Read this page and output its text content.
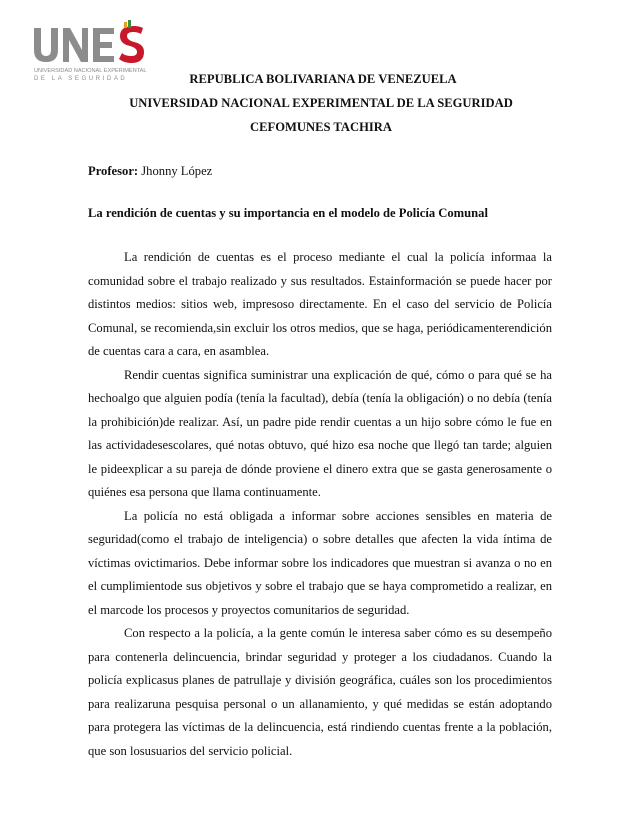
UNIVERSIDAD NACIONAL EXPERIMENTAL
DE LA SEGURIDAD	REPUBLICA BOLIVARIANA DE VENEZUELA
UNIVERSIDAD NACIONAL EXPERIMENTAL DE LA SEGURIDAD
CEFOMUNES TACHIRA
Profesor: Jhonny López
La rendición de cuentas y su importancia en el modelo de Policía Comunal

La rendición de cuentas es el proceso mediante el cual la policía informaa la comunidad sobre el trabajo realizado y sus resultados. Estainformación se puede hacer por distintos medios: sitios web, impresoso directamente. En el caso del servicio de Policía Comunal, se recomienda,sin excluir los otros medios, que se haga, periódicamenterendición de cuentas cara a cara, en asamblea.

Rendir cuentas significa suministrar una explicación de qué, cómo o para qué se ha hechoalgo que alguien podía (tenía la facultad), debía (tenía la obligación) o no debía (tenía la prohibición)de realizar. Así, un padre pide rendir cuentas a un hijo sobre cómo le fue en las actividadesescolares, qué notas obtuvo, qué hizo esa noche que llegó tan tarde; alguien le pideexplicar a su pareja de dónde proviene el dinero extra que se gasta generosamente o quiénes esa persona que llama continuamente.

La policía no está obligada a informar sobre acciones sensibles en materia de seguridad(como el trabajo de inteligencia) o sobre detalles que afecten la vida íntima de víctimas ovictimarios. Debe informar sobre los indicadores que muestran si avanza o no en el cumplimientode sus objetivos y sobre el trabajo que se haya comprometido a realizar, en el marcode los procesos y proyectos comunitarios de seguridad.

Con respecto a la policía, a la gente común le interesa saber cómo es su desempeño para contenerla delincuencia, brindar seguridad y proteger a los ciudadanos. Cuando la policía explicasus planes de patrullaje y división geográfica, cuáles son los procedimientos para realizaruna pesquisa personal o un allanamiento, y qué medidas se están adoptando para protegera las víctimas de la delincuencia, está rindiendo cuentas frente a la población, que son losusuarios del servicio policial.
